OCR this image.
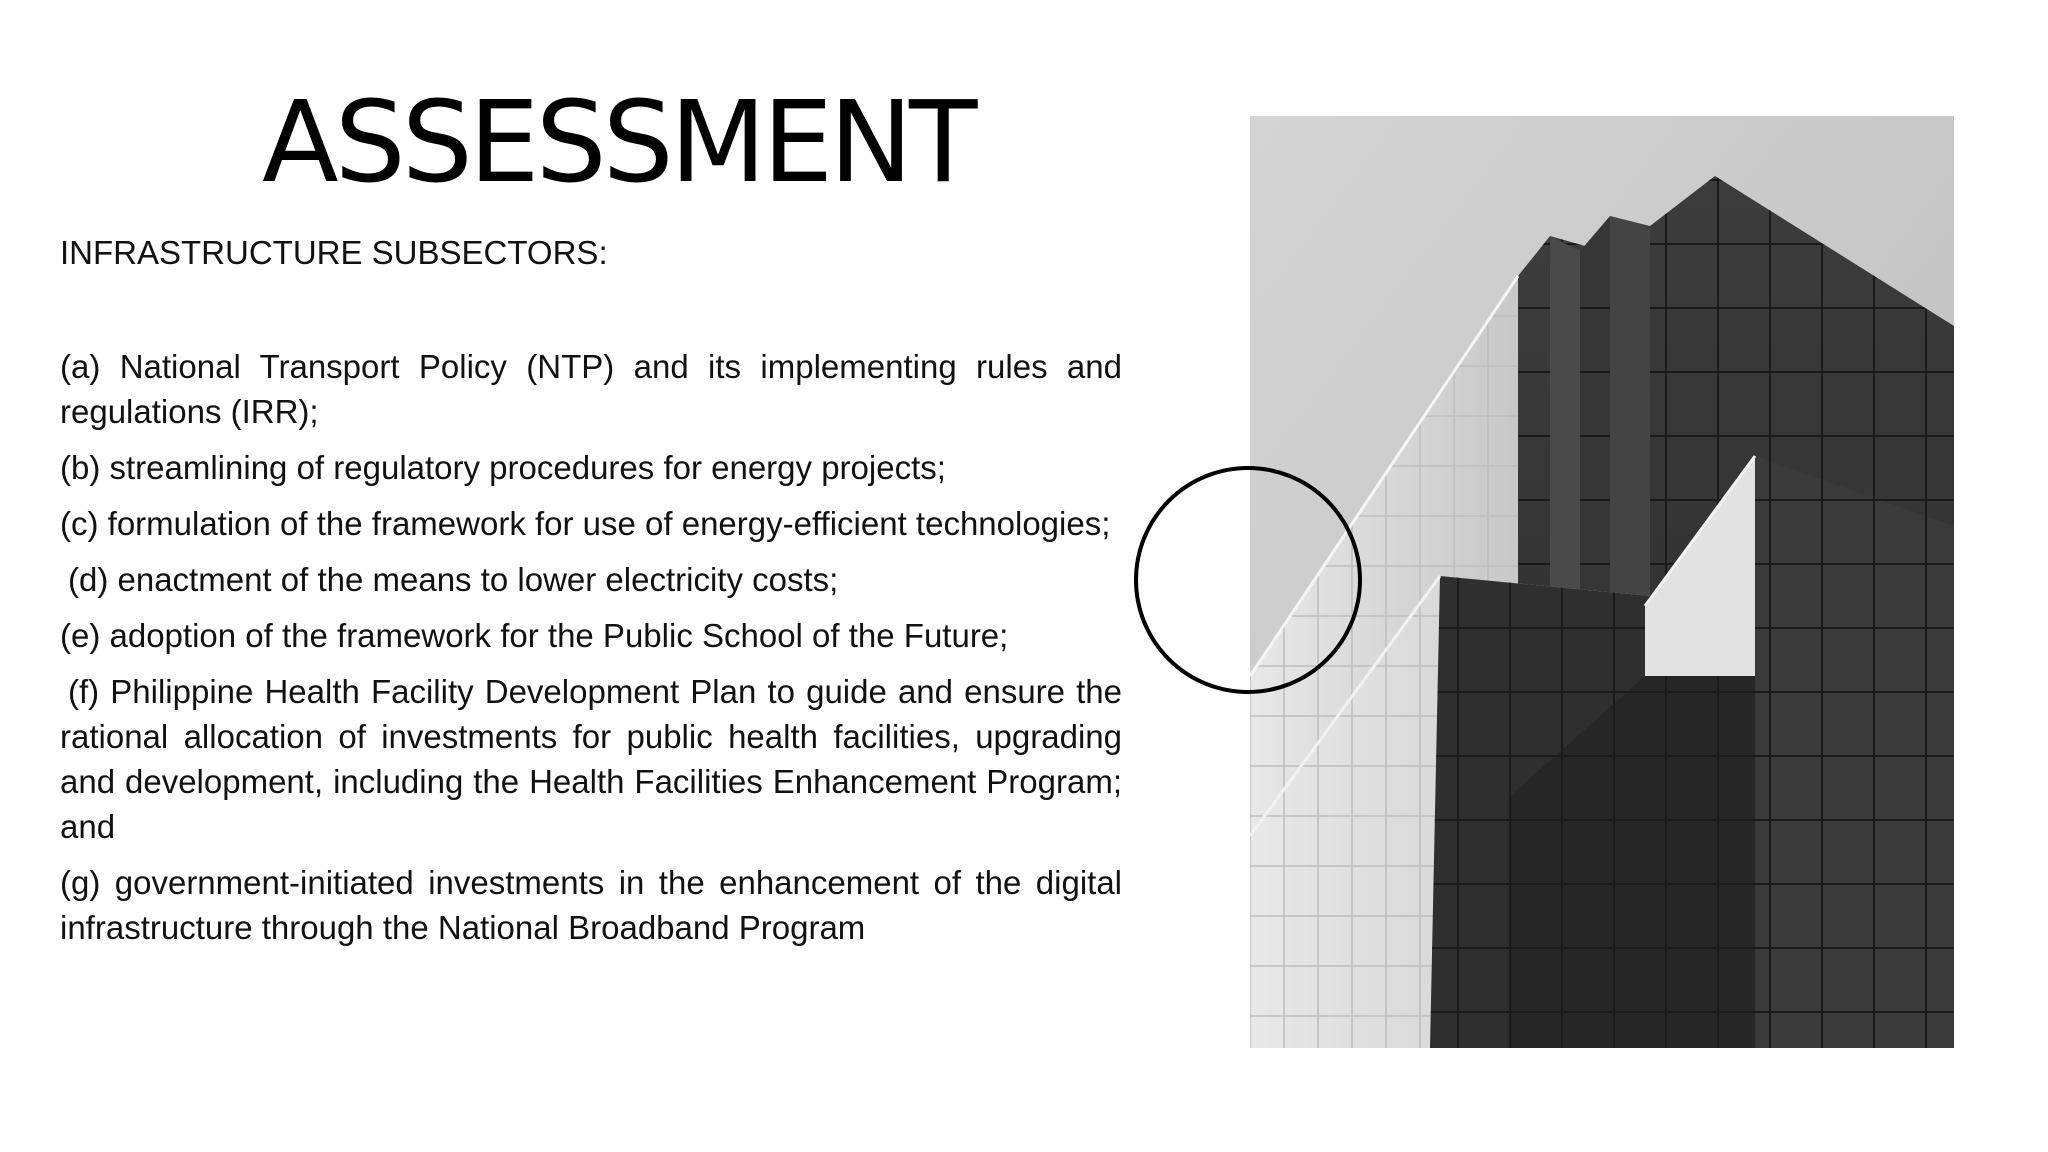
ASSESSMENT

INFRASTRUCTURE SUBSECTORS:

(a) National Transport Policy (NTP) and its implementing rules and regulations (IRR);
(b) streamlining of regulatory procedures for energy projects;
(c) formulation of the framework for use of energy-efficient technologies;
(d) enactment of the means to lower electricity costs;
(e) adoption of the framework for the Public School of the Future;
(f) Philippine Health Facility Development Plan to guide and ensure the rational allocation of investments for public health facilities, upgrading and development, including the Health Facilities Enhancement Program; and
(g) government-initiated investments in the enhancement of the digital infrastructure through the National Broadband Program
